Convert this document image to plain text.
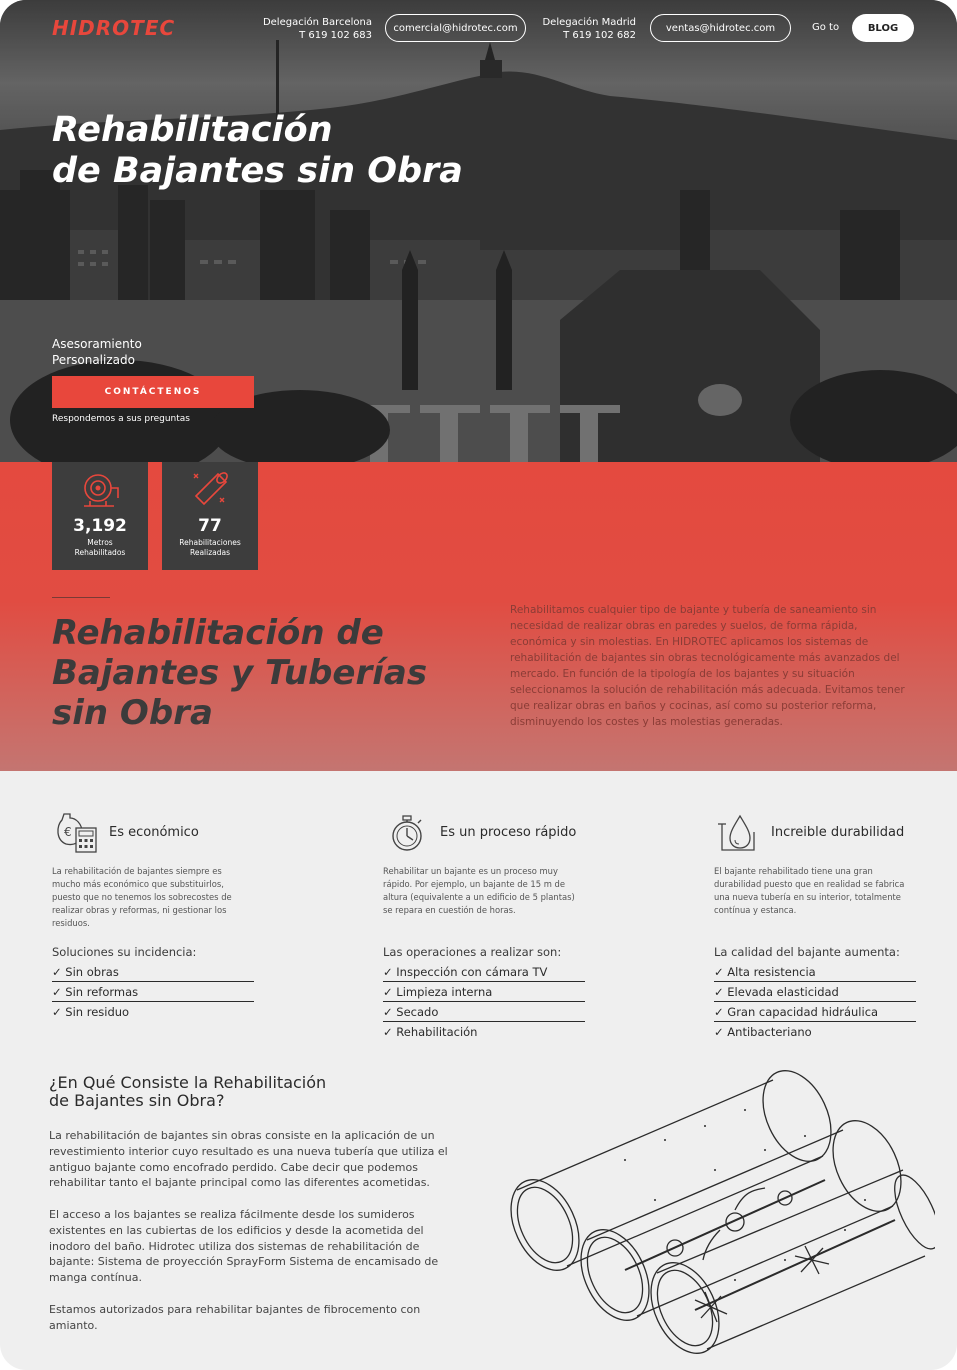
HIDROTEC	Delegación Barcelona
T 619 102 683
comercial@hidrotec.com	Delegación Madrid
T 619 102 682
ventas@hidrotec.com	Go to	BLOG
Rehabilitación
de Bajantes sin Obra
Asesoramiento
Personalizado
CONTÁCTENOS
Respondemos a sus preguntas
3,192
Metros
Rehabilitados
77
Rehabilitaciones
Realizadas
Rehabilitación de
Bajantes y Tuberías
sin Obra
Rehabilitamos cualquier tipo de bajante y tubería de saneamiento sin necesidad de realizar obras en paredes y suelos, de forma rápida, económica y sin molestias. En HIDROTEC aplicamos los sistemas de rehabilitación de bajantes sin obras tecnológicamente más avanzados del mercado. En función de la tipología de los bajantes y su situación seleccionamos la solución de rehabilitación más adecuada. Evitamos tener que realizar obras en baños y cocinas, así como su posterior reforma, disminuyendo los costes y las molestias generadas.
€	Es económico
La rehabilitación de bajantes siempre es mucho más económico que substituirlos, puesto que no tenemos los sobrecostes de realizar obras y reformas, ni gestionar los residuos.
Soluciones su incidencia:
✓ Sin obras
✓ Sin reformas
✓ Sin residuo
Es un proceso rápido
Rehabilitar un bajante es un proceso muy rápido. Por ejemplo, un bajante de 15 m de altura (equivalente a un edificio de 5 plantas) se repara en cuestión de horas.
Las operaciones a realizar son:
✓ Inspección con cámara TV
✓ Limpieza interna
✓ Secado
✓ Rehabilitación
Increible durabilidad
El bajante rehabilitado tiene una gran durabilidad puesto que en realidad se fabrica una nueva tubería en su interior, totalmente contínua y estanca.
La calidad del bajante aumenta:
✓ Alta resistencia
✓ Elevada elasticidad
✓ Gran capacidad hidráulica
✓ Antibacteriano
¿En Qué Consiste la Rehabilitación
de Bajantes sin Obra?
La rehabilitación de bajantes sin obras consiste en la aplicación de un revestimiento interior cuyo resultado es una nueva tubería que utiliza el antiguo bajante como encofrado perdido. Cabe decir que podemos rehabilitar tanto el bajante principal como las diferentes acometidas.
El acceso a los bajantes se realiza fácilmente desde los sumideros existentes en las cubiertas de los edificios y desde la acometida del inodoro del baño. Hidrotec utiliza dos sistemas de rehabilitación de bajante: Sistema de proyección SprayForm Sistema de encamisado de manga contínua.
Estamos autorizados para rehabilitar bajantes de fibrocemento con amianto.
